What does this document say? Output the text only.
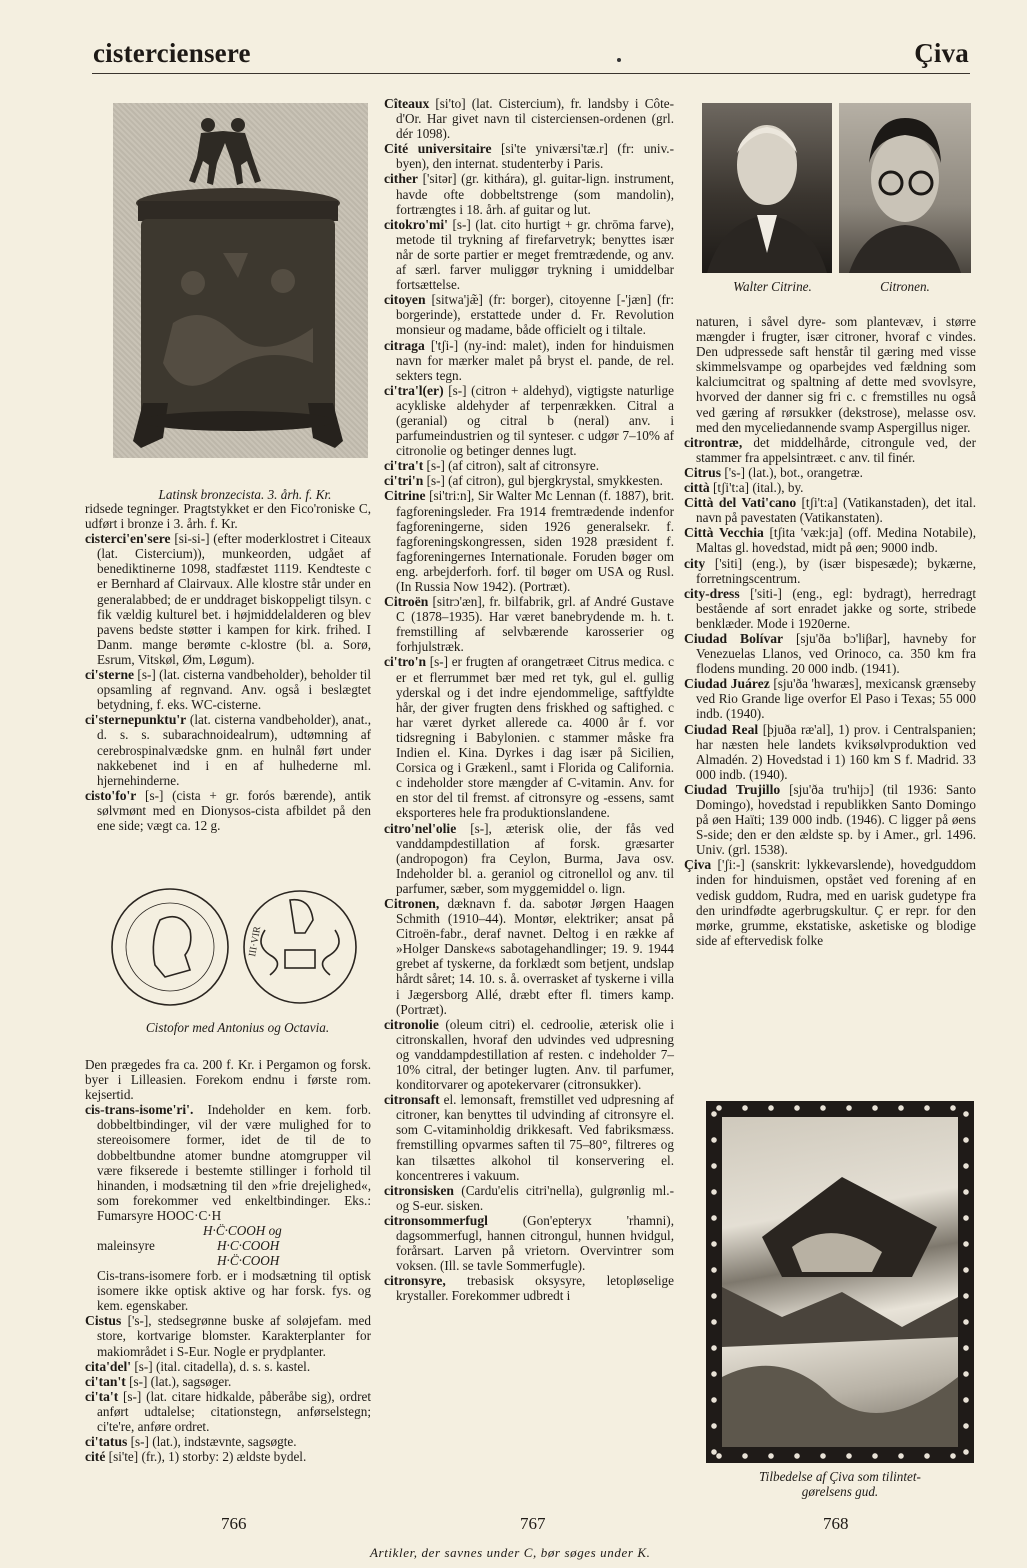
cisterciensere	Çiva
Latinsk bronzecista. 3. årh. f. Kr.

ridsede tegninger. Pragtstykket er den Fico'roniske C, udført i bronze i 3. årh. f. Kr.

cisterci'en'sere [si-si-] (efter moderklostret i Citeaux (lat. Cistercium)), munkeorden, udgået af benediktinerne 1098, stadfæstet 1119. Kendteste c er Bernhard af Clairvaux. Alle klostre står under en generalabbed; de er unddraget biskoppeligt tilsyn. c fik vældig kulturel bet. i højmiddelalderen og blev pavens bedste støtter i kampen for kirk. frihed. I Danm. mange berømte c-klostre (bl. a. Sorø, Esrum, Vitskøl, Øm, Løgum).

ci'sterne [s-] (lat. cisterna vandbeholder), beholder til opsamling af regnvand. Anv. også i beslægtet betydning, f. eks. WC-cisterne.

ci'sternepunktu'r (lat. cisterna vandbeholder), anat., d. s. s. subarachnoidealrum), udtømning af cerebrospinalvædske gnm. en hulnål ført under nakkebenet ind i en af hulhederne ml. hjernehinderne.

cisto'fo'r [s-] (cista + gr. forós bærende), antik sølvmønt med en Dionysos-cista afbildet på den ene side; vægt ca. 12 g.

III·VIR
Cistofor med Antonius og Octavia.

Den prægedes fra ca. 200 f. Kr. i Pergamon og forsk. byer i Lilleasien. Forekom endnu i første rom. kejsertid.

cis-trans-isome'ri'. Indeholder en kem. forb. dobbeltbindinger, vil der være mulighed for to stereoisomere former, idet de til de to dobbeltbundne atomer bundne atomgrupper vil være fikserede i bestemte stillinger i forhold til hinanden, i modsætning til den »frie drejelighed«, som forekommer ved enkeltbindinger. Eks.: Fumarsyre HOOC·C·H

H·C̈·COOH og

maleinsyre	H·C·COOH

H·C̈·COOH

Cis-trans-isomere forb. er i modsætning til optisk isomere ikke optisk aktive og har forsk. fys. og kem. egenskaber.

Cistus ['s-], stedsegrønne buske af soløjefam. med store, kortvarige blomster. Karakterplanter for makiområdet i S-Eur. Nogle er prydplanter.

cita'del' [s-] (ital. citadella), d. s. s. kastel.

ci'tan't [s-] (lat.), sagsøger.

ci'ta't [s-] (lat. citare hidkalde, påberåbe sig), ordret anført udtalelse; citationstegn, anførselstegn; ci'te're, anføre ordret.

ci'tatus [s-] (lat.), indstævnte, sagsøgte.

cité [si'te] (fr.), 1) storby: 2) ældste bydel.

Cîteaux [si'to] (lat. Cistercium), fr. landsby i Côte-d'Or. Har givet navn til cisterciensen-ordenen (grl. dér 1098).

Cité universitaire [si'te yniværsi'tæ.r] (fr: univ.-byen), den internat. studenterby i Paris.

cither ['sitər] (gr. kithára), gl. guitar-lign. instrument, havde ofte dobbeltstrenge (som mandolin), fortrængtes i 18. årh. af guitar og lut.

citokro'mi' [s-] (lat. cito hurtigt + gr. chrōma farve), metode til trykning af firefarvetryk; benyttes især når de sorte partier er meget fremtrædende, og anv. af særl. farver muliggør trykning i umiddelbar fortsættelse.

citoyen [sitwa'jæ̃] (fr: borger), citoyenne [-'jæn] (fr: borgerinde), erstattede under d. Fr. Revolution monsieur og madame, både officielt og i tiltale.

citraga ['tʃi-] (ny-ind: malet), inden for hinduismen navn for mærker malet på bryst el. pande, de rel. sekters tegn.

ci'tra'l(er) [s-] (citron + aldehyd), vigtigste naturlige acykliske aldehyder af terpenrækken. Citral a (geranial) og citral b (neral) anv. i parfumeindustrien og til synteser. c udgør 7–10% af citronolie og betinger dennes lugt.

ci'tra't [s-] (af citron), salt af citronsyre.

ci'tri'n [s-] (af citron), gul bjergkrystal, smykkesten.

Citrine [si'tri:n], Sir Walter Mc Lennan (f. 1887), brit. fagforeningsleder. Fra 1914 fremtrædende indenfor fagforeningerne, siden 1926 generalsekr. f. fagforeningskongressen, siden 1928 præsident f. fagforeningernes Internationale. Foruden bøger om eng. arbejderforh. forf. til bøger om USA og Rusl. (In Russia Now 1942). (Portræt).

Citroën [sitrɔ'æn], fr. bilfabrik, grl. af André Gustave C (1878–1935). Har været banebrydende m. h. t. fremstilling af selvbærende karosserier og forhjulstræk.

ci'tro'n [s-] er frugten af orangetræet Citrus medica. c er et flerrummet bær med ret tyk, gul el. gullig yderskal og i det indre ejendommelige, saftfyldte hår, der giver frugten dens friskhed og saftighed. c har været dyrket allerede ca. 4000 år f. vor tidsregning i Babylonien. c stammer måske fra Indien el. Kina. Dyrkes i dag især på Sicilien, Corsica og i Grækenl., samt i Florida og California. c indeholder store mængder af C-vitamin. Anv. for en stor del til fremst. af citronsyre og -essens, samt eksporteres hele fra produktionslandene.

citro'nel'olie [s-], æterisk olie, der fås ved vanddampdestillation af forsk. græsarter (andropogon) fra Ceylon, Burma, Java osv. Indeholder bl. a. geraniol og citronellol og anv. til parfumer, sæber, som myggemiddel o. lign.

Citronen, dæknavn f. da. sabotør Jørgen Haagen Schmith (1910–44). Montør, elektriker; ansat på Citroën-fabr., deraf navnet. Deltog i en række af »Holger Danske«s sabotagehandlinger; 19. 9. 1944 grebet af tyskerne, da forklædt som betjent, undslap hårdt såret; 14. 10. s. å. overrasket af tyskerne i villa i Jægersborg Allé, dræbt efter fl. timers kamp. (Portræt).

citronolie (oleum citri) el. cedroolie, æterisk olie i citronskallen, hvoraf den udvindes ved udpresning og vanddampdestillation af resten. c indeholder 7–10% citral, der betinger lugten. Anv. til parfumer, konditorvarer og apotekervarer (citronsukker).

citronsaft el. lemonsaft, fremstillet ved udpresning af citroner, kan benyttes til udvinding af citronsyre el. som C-vitaminholdig drikkesaft. Ved fabriksmæss. fremstilling opvarmes saften til 75–80°, filtreres og kan tilsættes alkohol til konservering el. koncentreres i vakuum.

citronsisken (Cardu'elis citri'nella), gulgrønlig ml.- og S-eur. sisken.

citronsommerfugl (Gon'epteryx 'rhamni), dagsommerfugl, hannen citrongul, hunnen hvidgul, forårsart. Larven på vrietorn. Overvintrer som voksen. (Ill. se tavle Sommerfugle).

citronsyre, trebasisk oksysyre, letopløselige krystaller. Forekommer udbredt i

Walter Citrine.	Citronen.

naturen, i såvel dyre- som plantevæv, i større mængder i frugter, især citroner, hvoraf c vindes. Den udpressede saft henstår til gæring med visse skimmelsvampe og oparbejdes ved fældning som kalciumcitrat og spaltning af dette med svovlsyre, hvorved der danner sig fri c. c fremstilles nu også ved gæring af rørsukker (dekstrose), melasse osv. med den myceliedannende svamp Aspergillus niger.

citrontræ, det middelhårde, citrongule ved, der stammer fra appelsintræet. c anv. til finér.

Citrus ['s-] (lat.), bot., orangetræ.

città [tʃi't:a] (ital.), by.

Città del Vati'cano [tʃi't:a] (Vatikanstaden), det ital. navn på pavestaten (Vatikanstaten).

Città Vecchia [tʃita 'væk:ja] (off. Medina Notabile), Maltas gl. hovedstad, midt på øen; 9000 indb.

city ['siti] (eng.), by (især bispesæde); bykærne, forretningscentrum.

city-dress ['siti-] (eng., egl: bydragt), herredragt bestående af sort enradet jakke og sorte, stribede benklæder. Mode i 1920erne.

Ciudad Bolívar [sju'ða bɔ'liβar], havneby for Venezuelas Llanos, ved Orinoco, ca. 350 km fra flodens munding. 20 000 indb. (1941).

Ciudad Juárez [sju'ða 'hwaræs], mexicansk grænseby ved Rio Grande lige overfor El Paso i Texas; 55 000 indb. (1940).

Ciudad Real [þjuða ræ'al], 1) prov. i Centralspanien; har næsten hele landets kviksølvproduktion ved Almadén. 2) Hovedstad i 1) 160 km S f. Madrid. 33 000 indb. (1940).

Ciudad Trujillo [sju'ða tru'hijɔ] (til 1936: Santo Domingo), hovedstad i republikken Santo Domingo på øen Haïti; 139 000 indb. (1946). C ligger på øens S-side; den er den ældste sp. by i Amer., grl. 1496. Univ. (grl. 1538).

Çiva ['ʃi:-] (sanskrit: lykkevarslende), hovedguddom inden for hinduismen, opstået ved forening af en vedisk guddom, Rudra, med en uarisk gudetype fra den urindfødte agerbrugskultur. Ç er repr. for den mørke, grumme, ekstatiske, asketiske og blodige side af eftervedisk folke

Tilbedelse af Çiva som tilintet-
gørelsens gud.
766	767	768
Artikler, der savnes under C, bør søges under K.
